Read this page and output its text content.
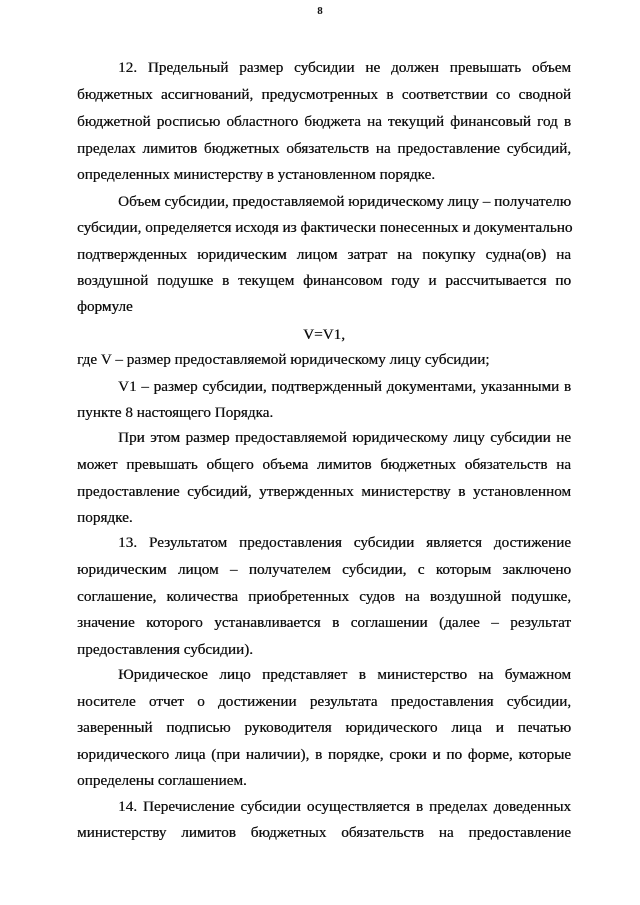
8
12. Предельный размер субсидии не должен превышать объем
бюджетных ассигнований, предусмотренных в соответствии со сводной
бюджетной росписью областного бюджета на текущий финансовый год в
пределах лимитов бюджетных обязательств на предоставление субсидий,
определенных министерству в установленном порядке.
Объем субсидии, предоставляемой юридическому лицу – получателю
субсидии, определяется исходя из фактически понесенных и документально
подтвержденных юридическим лицом затрат на покупку судна(ов) на
воздушной подушке в текущем финансовом году и рассчитывается по
формуле
V=V1,
где V – размер предоставляемой юридическому лицу субсидии;
V1 – размер субсидии, подтвержденный документами, указанными в
пункте 8 настоящего Порядка.
При этом размер предоставляемой юридическому лицу субсидии не
может превышать общего объема лимитов бюджетных обязательств на
предоставление субсидий, утвержденных министерству в установленном
порядке.
13. Результатом предоставления субсидии является достижение
юридическим лицом – получателем субсидии, с которым заключено
соглашение, количества приобретенных судов на воздушной подушке,
значение которого устанавливается в соглашении (далее – результат
предоставления субсидии).
Юридическое лицо представляет в министерство на бумажном
носителе отчет о достижении результата предоставления субсидии,
заверенный подписью руководителя юридического лица и печатью
юридического лица (при наличии), в порядке, сроки и по форме, которые
определены соглашением.
14. Перечисление субсидии осуществляется в пределах доведенных
министерству лимитов бюджетных обязательств на предоставление
